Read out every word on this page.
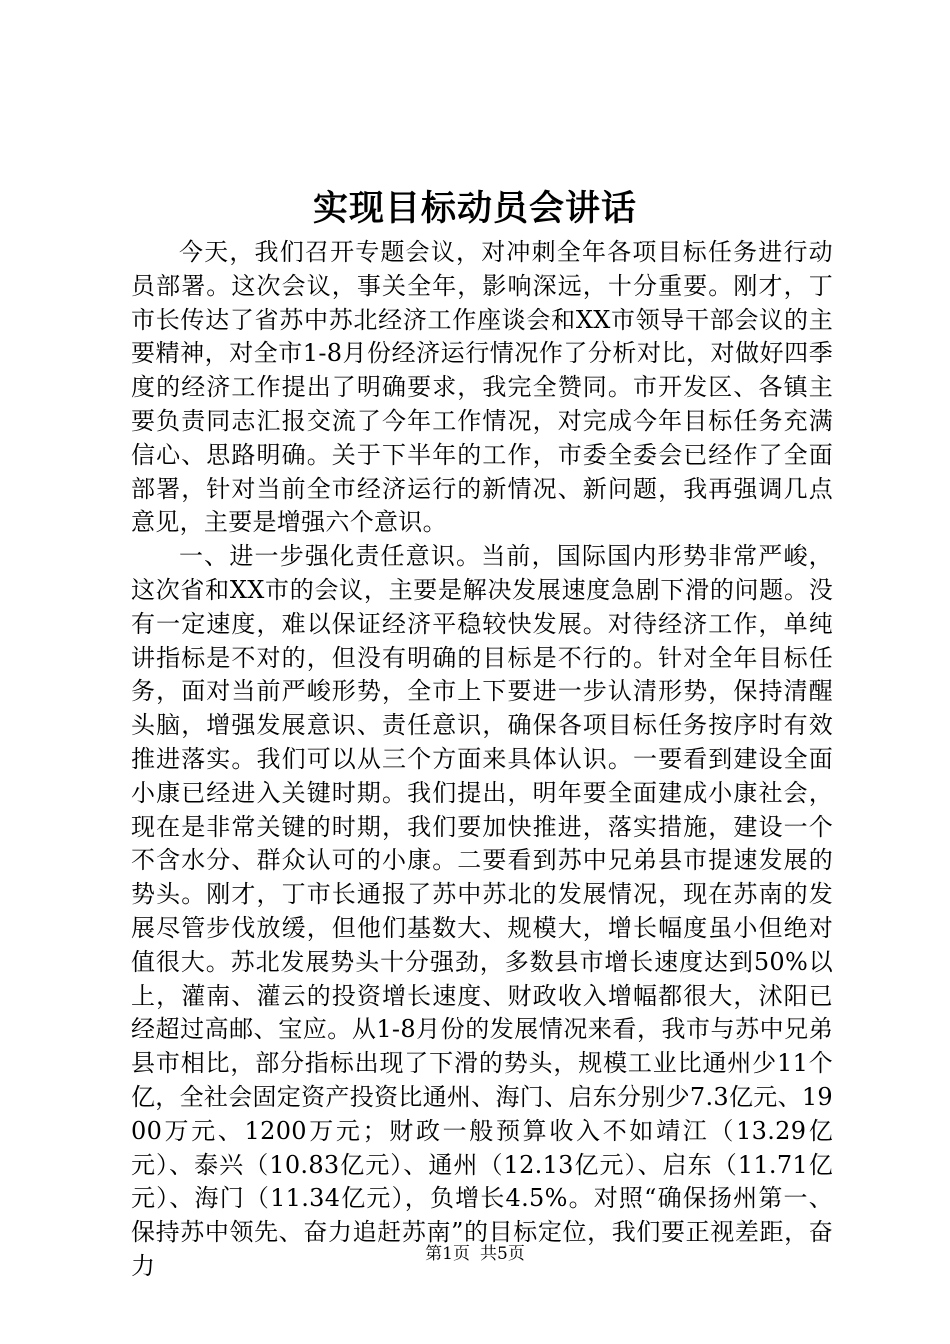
实现目标动员会讲话

今天，我们召开专题会议，对冲刺全年各项目标任务进行动员部署。这次会议，事关全年，影响深远，十分重要。刚才，丁市长传达了省苏中苏北经济工作座谈会和XX市领导干部会议的主要精神，对全市1-8月份经济运行情况作了分析对比，对做好四季度的经济工作提出了明确要求，我完全赞同。市开发区、各镇主要负责同志汇报交流了今年工作情况，对完成今年目标任务充满信心、思路明确。关于下半年的工作，市委全委会已经作了全面部署，针对当前全市经济运行的新情况、新问题，我再强调几点意见，主要是增强六个意识。

一、进一步强化责任意识。当前，国际国内形势非常严峻，这次省和XX市的会议，主要是解决发展速度急剧下滑的问题。没有一定速度，难以保证经济平稳较快发展。对待经济工作，单纯讲指标是不对的，但没有明确的目标是不行的。针对全年目标任务，面对当前严峻形势，全市上下要进一步认清形势，保持清醒头脑，增强发展意识、责任意识，确保各项目标任务按序时有效推进落实。我们可以从三个方面来具体认识。一要看到建设全面小康已经进入关键时期。我们提出，明年要全面建成小康社会，现在是非常关键的时期，我们要加快推进，落实措施，建设一个不含水分、群众认可的小康。二要看到苏中兄弟县市提速发展的势头。刚才，丁市长通报了苏中苏北的发展情况，现在苏南的发展尽管步伐放缓，但他们基数大、规模大，增长幅度虽小但绝对值很大。苏北发展势头十分强劲，多数县市增长速度达到50%以上，灌南、灌云的投资增长速度、财政收入增幅都很大，沭阳已经超过高邮、宝应。从1-8月份的发展情况来看，我市与苏中兄弟县市相比，部分指标出现了下滑的势头，规模工业比通州少11个亿，全社会固定资产投资比通州、海门、启东分别少7.3亿元、1900万元、1200万元；财政一般预算收入不如靖江（13.29亿元）、泰兴（10.83亿元）、通州（12.13亿元）、启东（11.71亿元）、海门（11.34亿元），负增长4.5%。对照“确保扬州第一、保持苏中领先、奋力追赶苏南”的目标定位，我们要正视差距，奋力	第1页 共5页
